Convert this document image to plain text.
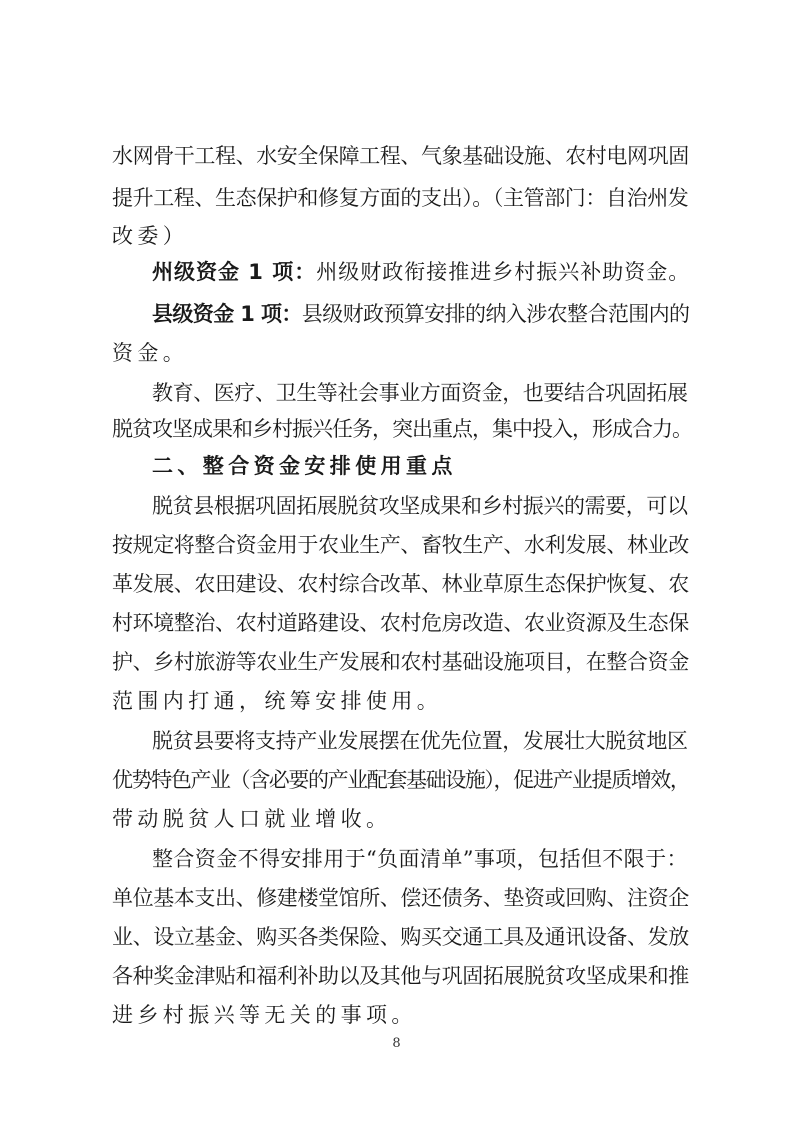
水网骨干工程、水安全保障工程、气象基础设施、农村电网巩固
提升工程、生态保护和修复方面的支出）。（主管部门：自治州发
改委）
州级资金 1 项：州级财政衔接推进乡村振兴补助资金。
县级资金 1 项：县级财政预算安排的纳入涉农整合范围内的
资金。
教育、医疗、卫生等社会事业方面资金，也要结合巩固拓展
脱贫攻坚成果和乡村振兴任务，突出重点，集中投入，形成合力。
二、整合资金安排使用重点
脱贫县根据巩固拓展脱贫攻坚成果和乡村振兴的需要，可以
按规定将整合资金用于农业生产、畜牧生产、水利发展、林业改
革发展、农田建设、农村综合改革、林业草原生态保护恢复、农
村环境整治、农村道路建设、农村危房改造、农业资源及生态保
护、乡村旅游等农业生产发展和农村基础设施项目，在整合资金
范围内打通，统筹安排使用。
脱贫县要将支持产业发展摆在优先位置，发展壮大脱贫地区
优势特色产业（含必要的产业配套基础设施），促进产业提质增效，
带动脱贫人口就业增收。
整合资金不得安排用于“负面清单”事项，包括但不限于：
单位基本支出、修建楼堂馆所、偿还债务、垫资或回购、注资企
业、设立基金、购买各类保险、购买交通工具及通讯设备、发放
各种奖金津贴和福利补助以及其他与巩固拓展脱贫攻坚成果和推
进乡村振兴等无关的事项。
8
